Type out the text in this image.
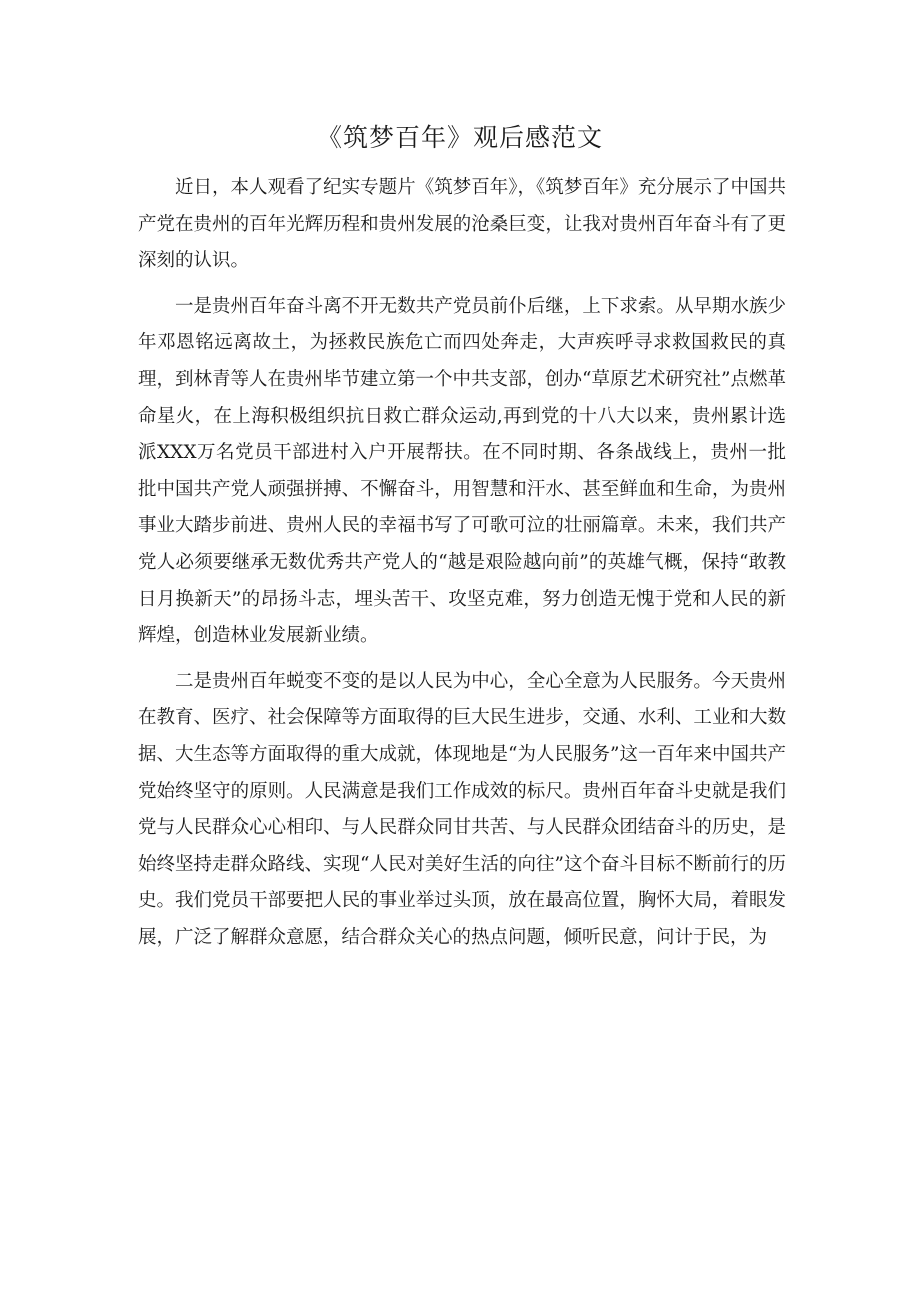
《筑梦百年》观后感范文

近日，本人观看了纪实专题片《筑梦百年》，《筑梦百年》充分展示了中国共产党在贵州的百年光辉历程和贵州发展的沧桑巨变，让我对贵州百年奋斗有了更深刻的认识。

一是贵州百年奋斗离不开无数共产党员前仆后继，上下求索。从早期水族少年邓恩铭远离故土，为拯救民族危亡而四处奔走，大声疾呼寻求救国救民的真理，到林青等人在贵州毕节建立第一个中共支部，创办“草原艺术研究社”点燃革命星火，在上海积极组织抗日救亡群众运动,再到党的十八大以来，贵州累计选派XXX万名党员干部进村入户开展帮扶。在不同时期、各条战线上，贵州一批批中国共产党人顽强拼搏、不懈奋斗，用智慧和汗水、甚至鲜血和生命，为贵州事业大踏步前进、贵州人民的幸福书写了可歌可泣的壮丽篇章。未来，我们共产党人必须要继承无数优秀共产党人的“越是艰险越向前”的英雄气概，保持“敢教日月换新天”的昂扬斗志，埋头苦干、攻坚克难，努力创造无愧于党和人民的新辉煌，创造林业发展新业绩。

二是贵州百年蜕变不变的是以人民为中心，全心全意为人民服务。今天贵州在教育、医疗、社会保障等方面取得的巨大民生进步，交通、水利、工业和大数据、大生态等方面取得的重大成就，体现地是“为人民服务”这一百年来中国共产党始终坚守的原则。人民满意是我们工作成效的标尺。贵州百年奋斗史就是我们党与人民群众心心相印、与人民群众同甘共苦、与人民群众团结奋斗的历史，是始终坚持走群众路线、实现“人民对美好生活的向往”这个奋斗目标不断前行的历史。我们党员干部要把人民的事业举过头顶，放在最高位置，胸怀大局，着眼发展，广泛了解群众意愿，结合群众关心的热点问题，倾听民意，问计于民，为
